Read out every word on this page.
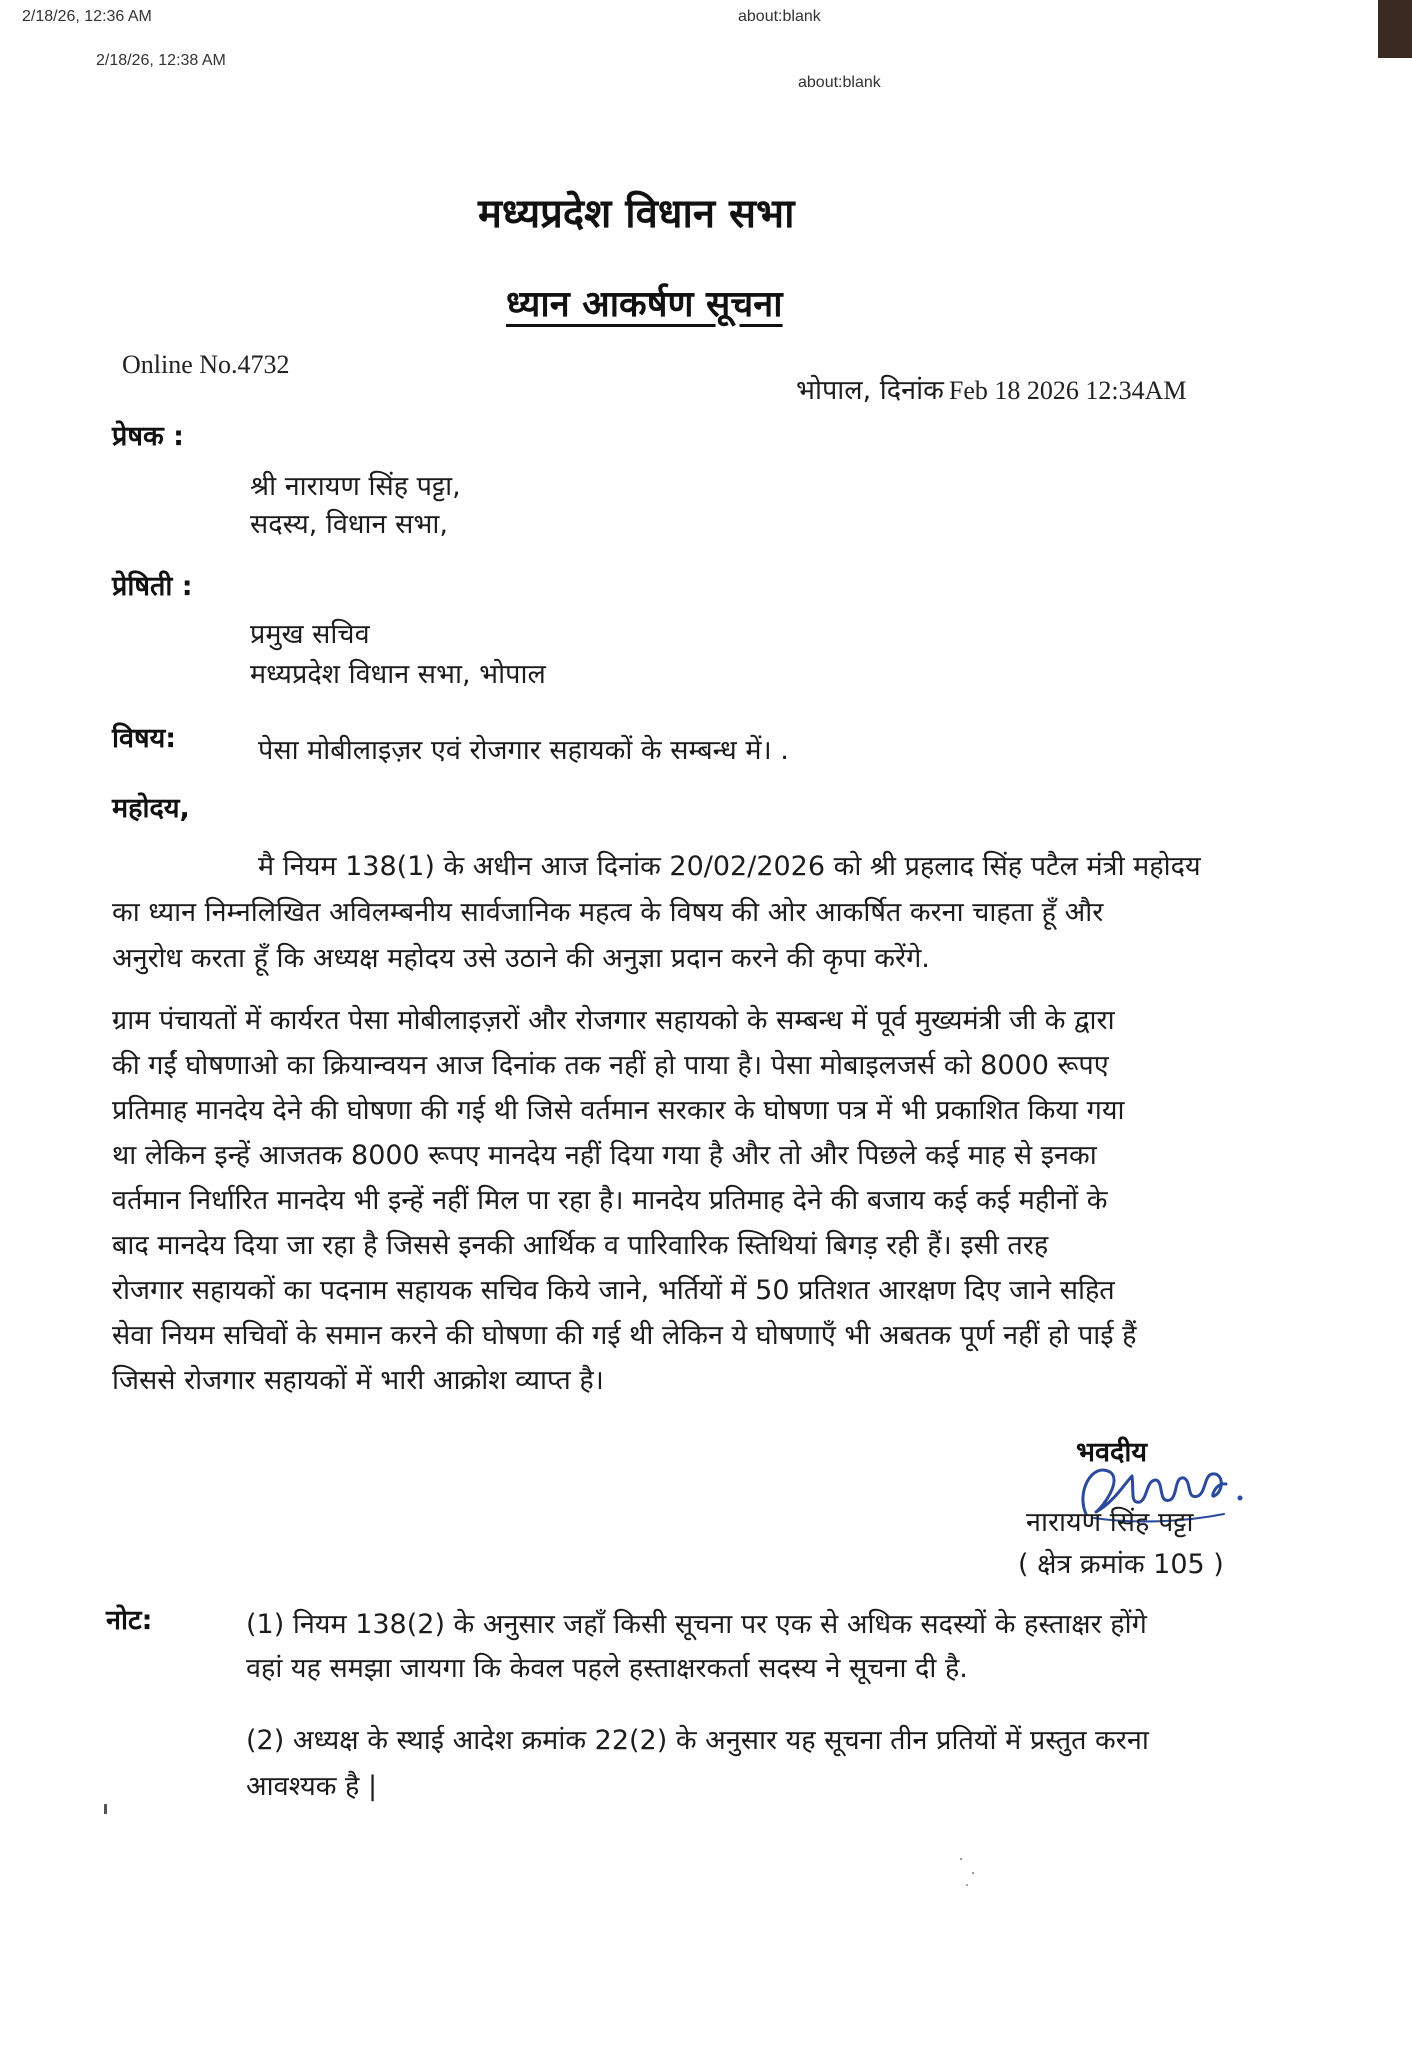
2/18/26, 12:36 AM	about:blank
2/18/26, 12:38 AM
about:blank
मध्यप्रदेश विधान सभा
ध्यान आकर्षण सूचना
Online No.4732
भोपाल, दिनांक Feb 18 2026 12:34AM
प्रेषक :
श्री नारायण सिंह पट्टा,
सदस्य, विधान सभा,
प्रेषिती :
प्रमुख सचिव
मध्यप्रदेश विधान सभा, भोपाल
विषय:	पेसा मोबीलाइज़र एवं रोजगार सहायकों के सम्बन्ध में। .
महोदय,
मै नियम 138(1) के अधीन आज दिनांक 20/02/2026 को श्री प्रहलाद सिंह पटैल मंत्री महोदय
का ध्यान निम्नलिखित अविलम्बनीय सार्वजानिक महत्व के विषय की ओर आकर्षित करना चाहता हूँ और
अनुरोध करता हूँ कि अध्यक्ष महोदय उसे उठाने की अनुज्ञा प्रदान करने की कृपा करेंगे.
ग्राम पंचायतों में कार्यरत पेसा मोबीलाइज़रों और रोजगार सहायको के सम्बन्ध में पूर्व मुख्यमंत्री जी के द्वारा
की गईं घोषणाओ का क्रियान्वयन आज दिनांक तक नहीं हो पाया है। पेसा मोबाइलजर्स को 8000 रूपए
प्रतिमाह मानदेय देने की घोषणा की गई थी जिसे वर्तमान सरकार के घोषणा पत्र में भी प्रकाशित किया गया
था लेकिन इन्हें आजतक 8000 रूपए मानदेय नहीं दिया गया है और तो और पिछले कई माह से इनका
वर्तमान निर्धारित मानदेय भी इन्हें नहीं मिल पा रहा है। मानदेय प्रतिमाह देने की बजाय कई कई महीनों के
बाद मानदेय दिया जा रहा है जिससे इनकी आर्थिक व पारिवारिक स्तिथियां बिगड़ रही हैं। इसी तरह
रोजगार सहायकों का पदनाम सहायक सचिव किये जाने, भर्तियों में 50 प्रतिशत आरक्षण दिए जाने सहित
सेवा नियम सचिवों के समान करने की घोषणा की गई थी लेकिन ये घोषणाएँ भी अबतक पूर्ण नहीं हो पाई हैं
जिससे रोजगार सहायकों में भारी आक्रोश व्याप्त है।
भवदीय
नारायण सिंह पट्टा
( क्षेत्र क्रमांक 105 )
नोट:	(1) नियम 138(2) के अनुसार जहाँ किसी सूचना पर एक से अधिक सदस्यों के हस्ताक्षर होंगे
वहां यह समझा जायगा कि केवल पहले हस्ताक्षरकर्ता सदस्य ने सूचना दी है.
(2) अध्यक्ष के स्थाई आदेश क्रमांक 22(2) के अनुसार यह सूचना तीन प्रतियों में प्रस्तुत करना
आवश्यक है |
